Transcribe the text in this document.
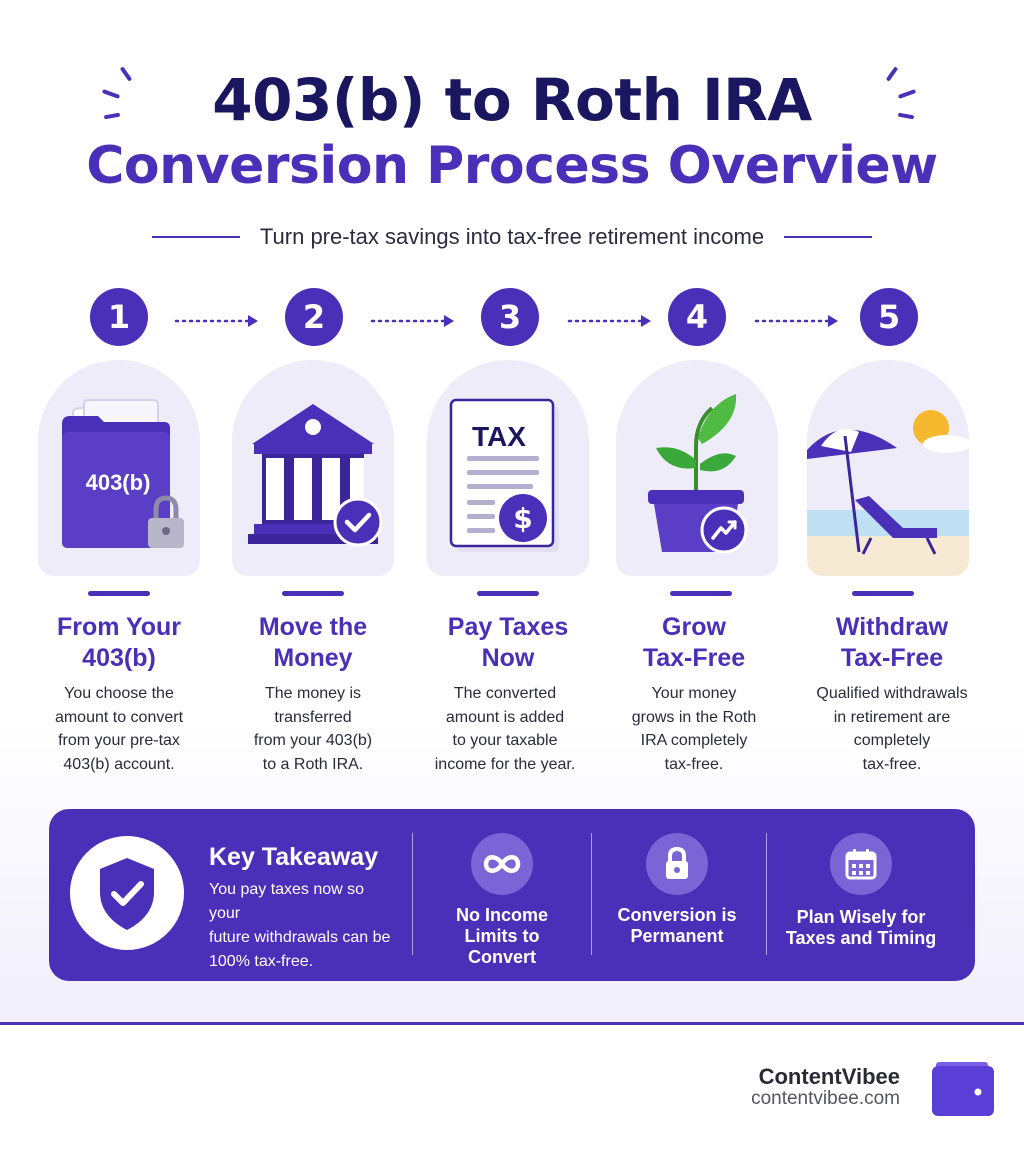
403(b) to Roth IRA
Conversion Process Overview
Turn pre-tax savings into tax-free retirement income
1	2	3	4	5
403(b)
TAX
$
From Your
403(b)
Move the
Money
Pay Taxes
Now
Grow
Tax-Free
Withdraw
Tax-Free
You choose the
amount to convert
from your pre-tax
403(b) account.
The money is
transferred
from your 403(b)
to a Roth IRA.
The converted
amount is added
to your taxable
income for the year.
Your money
grows in the Roth
IRA completely
tax-free.
Qualified withdrawals
in retirement are
completely
tax-free.
Key Takeaway
You pay taxes now so your
future withdrawals can be
100% tax-free.
No Income
Limits to
Convert
Conversion is
Permanent
Plan Wisely for
Taxes and Timing
ContentVibee
contentvibee.com
